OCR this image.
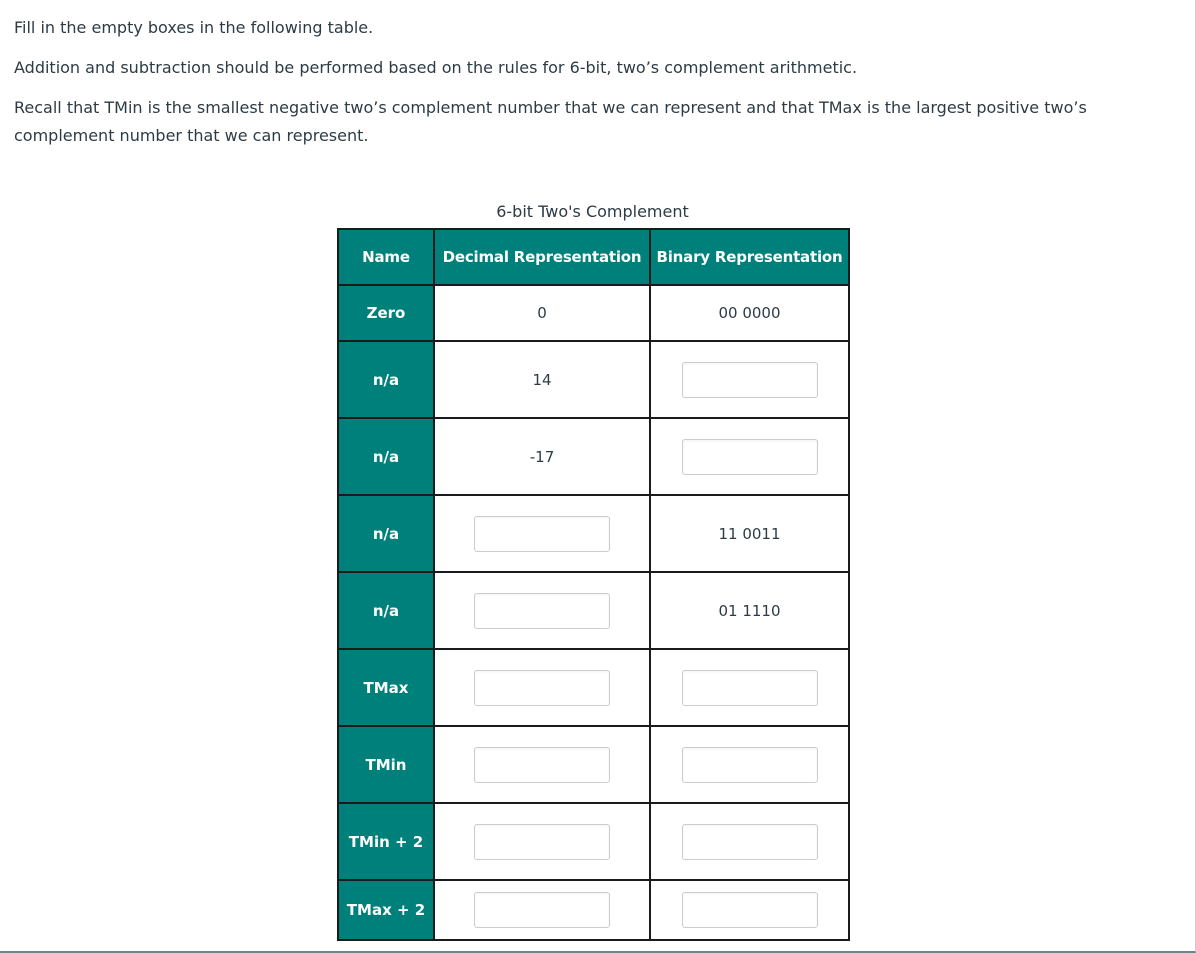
Fill in the empty boxes in the following table.

Addition and subtraction should be performed based on the rules for 6-bit, two’s complement arithmetic.

Recall that TMin is the smallest negative two’s complement number that we can represent and that TMax is the largest positive two’s complement number that we can represent.

6-bit Two's Complement
Name	Decimal Representation	Binary Representation
Zero	0	00 0000
n/a	14	
n/a	-17	
n/a		11 0011
n/a		01 1110
TMax		
TMin		
TMin + 2		
TMax + 2		
